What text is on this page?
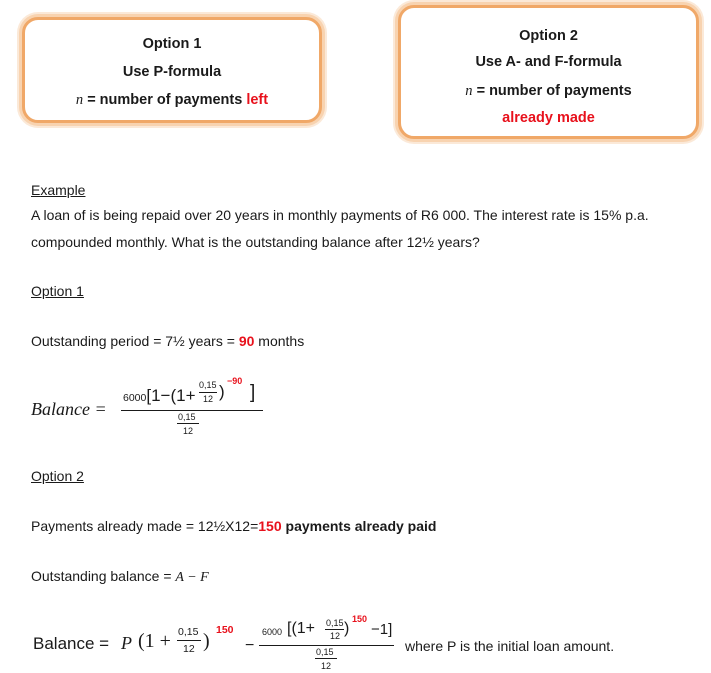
Option 1
Use P-formula
n = number of payments left
Option 2
Use A- and F-formula
n = number of payments
already made
Example
A loan of is being repaid over 20 years in monthly payments of R6 000. The interest rate is 15% p.a.
compounded monthly. What is the outstanding balance after 12½ years?
Option 1
Outstanding period = 7½ years = 90 months
Balance =
6000[1−(1+
0,15
12 )
−90
]
0,15
12
Option 2
Payments already made = 12½X12=150 payments already paid
Outstanding balance = A − F
Balance = P (1 + 0,15
12 ) 150
−
6000 [(1+ 0,15
12 )
150
−1]
0,15
12
where P is the initial loan amount.
